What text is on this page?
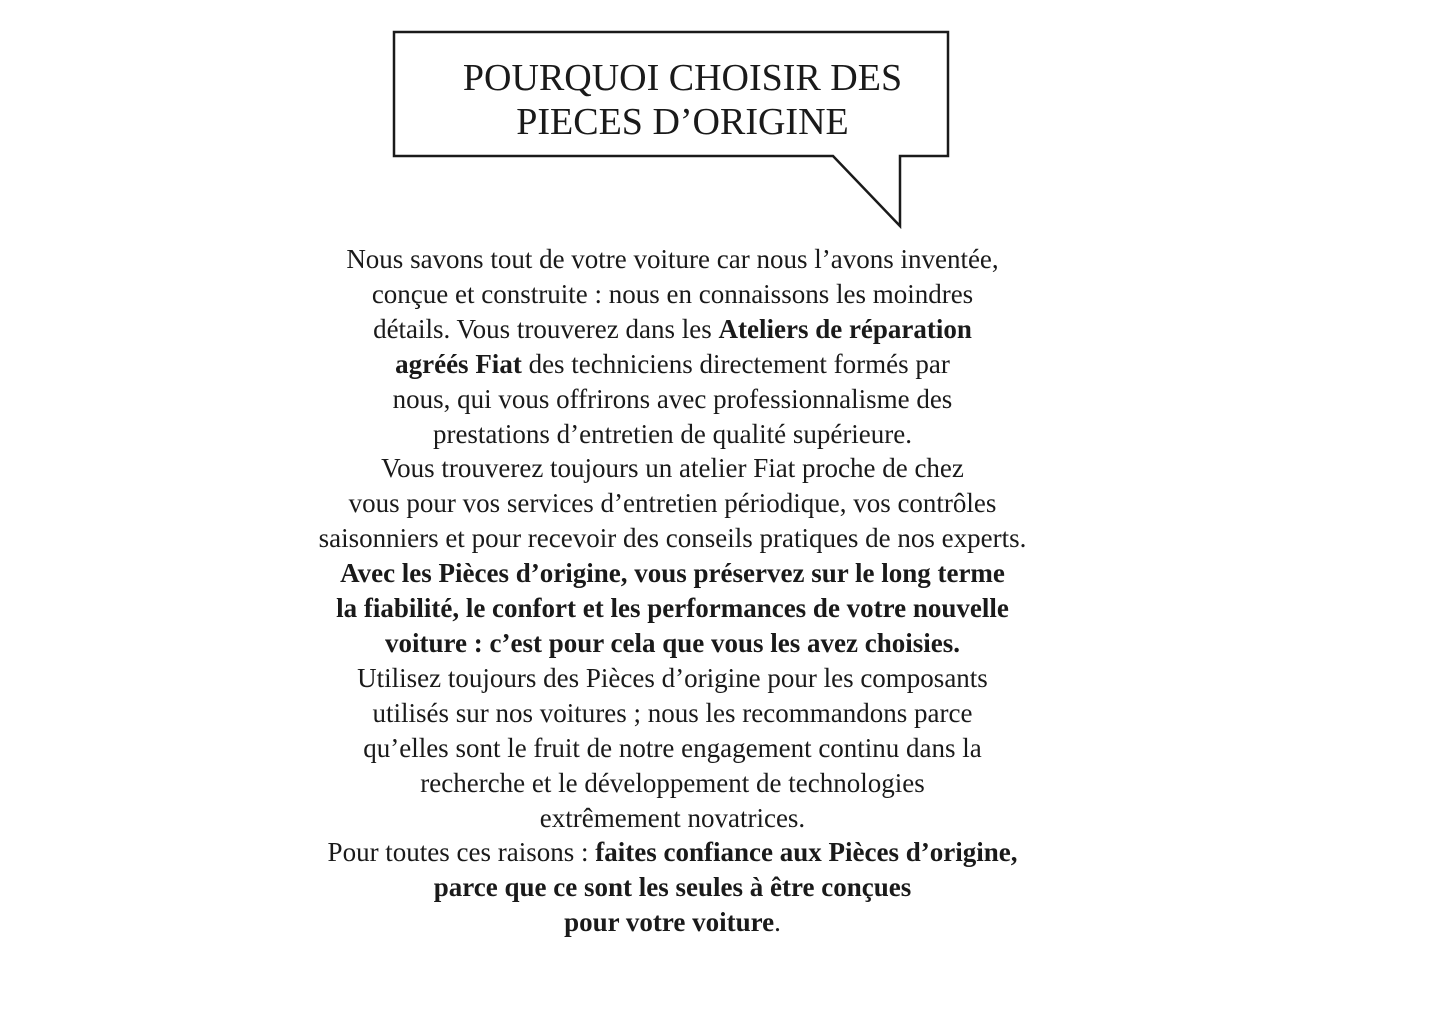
POURQUOI CHOISIR DES
PIECES D’ORIGINE
Nous savons tout de votre voiture car nous l’avons inventée,
conçue et construite : nous en connaissons les moindres
détails. Vous trouverez dans les Ateliers de réparation
agréés Fiat des techniciens directement formés par
nous, qui vous offrirons avec professionnalisme des
prestations d’entretien de qualité supérieure.
Vous trouverez toujours un atelier Fiat proche de chez
vous pour vos services d’entretien périodique, vos contrôles
saisonniers et pour recevoir des conseils pratiques de nos experts.
Avec les Pièces d’origine, vous préservez sur le long terme
la fiabilité, le confort et les performances de votre nouvelle
voiture : c’est pour cela que vous les avez choisies.
Utilisez toujours des Pièces d’origine pour les composants
utilisés sur nos voitures ; nous les recommandons parce
qu’elles sont le fruit de notre engagement continu dans la
recherche et le développement de technologies
extrêmement novatrices.
Pour toutes ces raisons : faites confiance aux Pièces d’origine,
parce que ce sont les seules à être conçues
pour votre voiture.
